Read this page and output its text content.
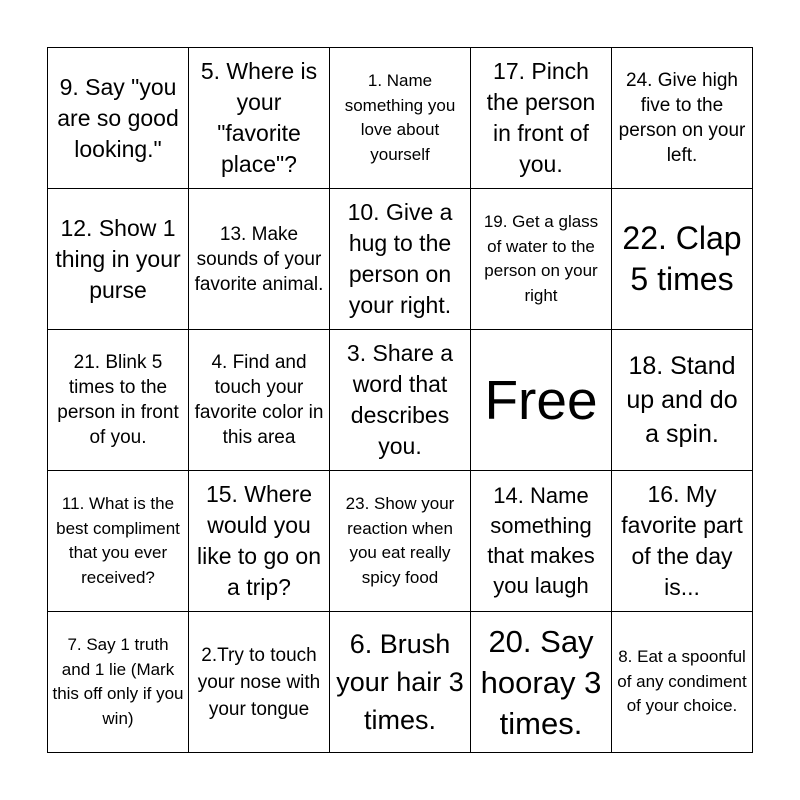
9. Say "you are so good looking."
5. Where is your "favorite place"?
1. Name something you love about yourself
17. Pinch the person in front of you.
24. Give high five to the person on your left.
12. Show 1 thing in your purse
13. Make sounds of your favorite animal.
10. Give a hug to the person on your right.
19. Get a glass of water to the person on your right
22. Clap 5 times
21. Blink 5 times to the person in front of you.
4. Find and touch your favorite color in this area
3. Share a word that describes you.
Free
18. Stand up and do a spin.
11. What is the best compliment that you ever received?
15. Where would you like to go on a trip?
23. Show your reaction when you eat really spicy food
14. Name something that makes you laugh
16. My favorite part of the day is...
7. Say 1 truth and 1 lie (Mark this off only if you win)
2.Try to touch your nose with your tongue
6. Brush your hair 3 times.
20. Say hooray 3 times.
8. Eat a spoonful of any condiment of your choice.
